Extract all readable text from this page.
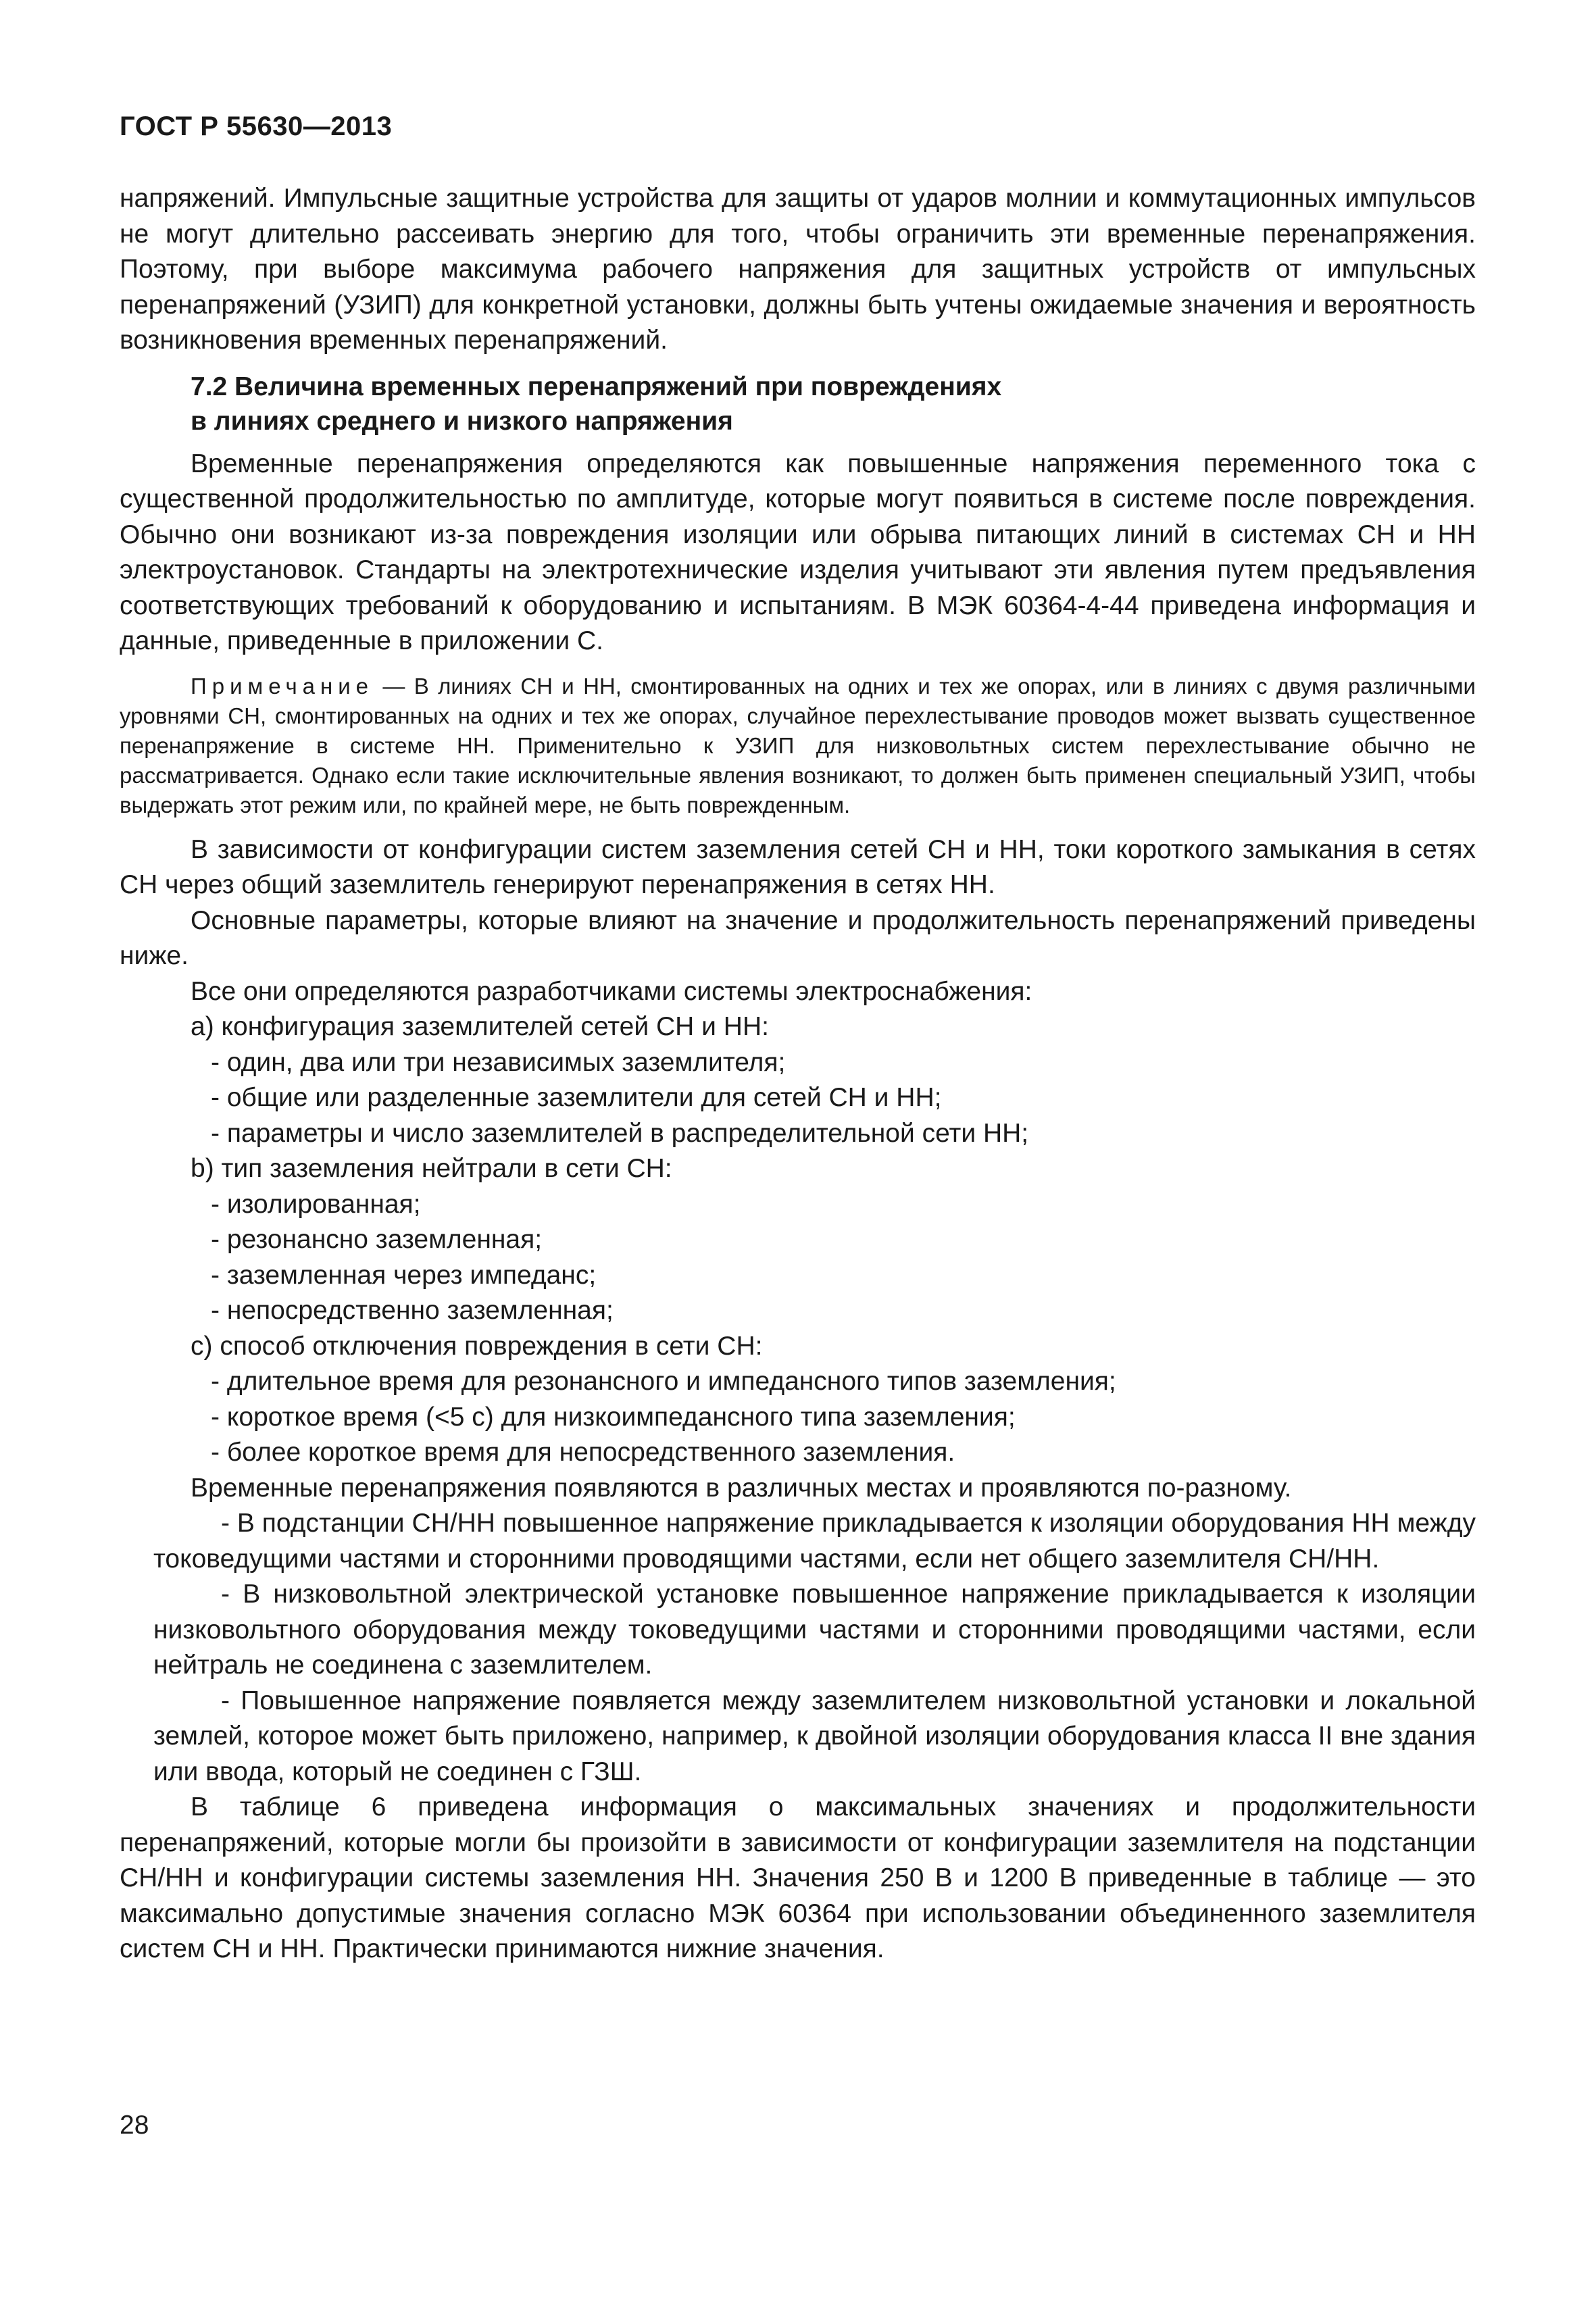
ГОСТ Р 55630—2013

напряжений. Импульсные защитные устройства для защиты от ударов молнии и коммутационных импульсов не могут длительно рассеивать энергию для того, чтобы ограничить эти временные перенапряжения. Поэтому, при выборе максимума рабочего напряжения для защитных устройств от импульсных перенапряжений (УЗИП) для конкретной установки, должны быть учтены ожидаемые значения и вероятность возникновения временных перенапряжений.

7.2 Величина временных перенапряжений при повреждениях
в линиях среднего и низкого напряжения

Временные перенапряжения определяются как повышенные напряжения переменного тока с существенной продолжительностью по амплитуде, которые могут появиться в системе после повреждения. Обычно они возникают из-за повреждения изоляции или обрыва питающих линий в системах СН и НН электроустановок. Стандарты на электротехнические изделия учитывают эти явления путем предъявления соответствующих требований к оборудованию и испытаниям. В МЭК 60364-4-44 приведена информация и данные, приведенные в приложении С.

Примечание — В линиях СН и НН, смонтированных на одних и тех же опорах, или в линиях с двумя различными уровнями СН, смонтированных на одних и тех же опорах, случайное перехлестывание проводов может вызвать существенное перенапряжение в системе НН. Применительно к УЗИП для низковольтных систем перехлестывание обычно не рассматривается. Однако если такие исключительные явления возникают, то должен быть применен специальный УЗИП, чтобы выдержать этот режим или, по крайней мере, не быть поврежденным.

В зависимости от конфигурации систем заземления сетей СН и НН, токи короткого замыкания в сетях СН через общий заземлитель генерируют перенапряжения в сетях НН.

Основные параметры, которые влияют на значение и продолжительность перенапряжений приведены ниже.

Все они определяются разработчиками системы электроснабжения:

а) конфигурация заземлителей сетей СН и НН:

- один, два или три независимых заземлителя;

- общие или разделенные заземлители для сетей СН и НН;

- параметры и число заземлителей в распределительной сети НН;

b) тип заземления нейтрали в сети СН:

- изолированная;

- резонансно заземленная;

- заземленная через импеданс;

- непосредственно заземленная;

с) способ отключения повреждения в сети СН:

- длительное время для резонансного и импедансного типов заземления;

- короткое время (<5 с) для низкоимпедансного типа заземления;

- более короткое время для непосредственного заземления.

Временные перенапряжения появляются в различных местах и проявляются по-разному.

- В подстанции СН/НН повышенное напряжение прикладывается к изоляции оборудования НН между токоведущими частями и сторонними проводящими частями, если нет общего заземлителя СН/НН.

- В низковольтной электрической установке повышенное напряжение прикладывается к изоляции низковольтного оборудования между токоведущими частями и сторонними проводящими частями, если нейтраль не соединена с заземлителем.

- Повышенное напряжение появляется между заземлителем низковольтной установки и локальной землей, которое может быть приложено, например, к двойной изоляции оборудования класса II вне здания или ввода, который не соединен с ГЗШ.

В таблице 6 приведена информация о максимальных значениях и продолжительности перенапряжений, которые могли бы произойти в зависимости от конфигурации заземлителя на подстанции СН/НН и конфигурации системы заземления НН. Значения 250 В и 1200 В приведенные в таблице — это максимально допустимые значения согласно МЭК 60364 при использовании объединенного заземлителя систем СН и НН. Практически принимаются нижние значения.

28
